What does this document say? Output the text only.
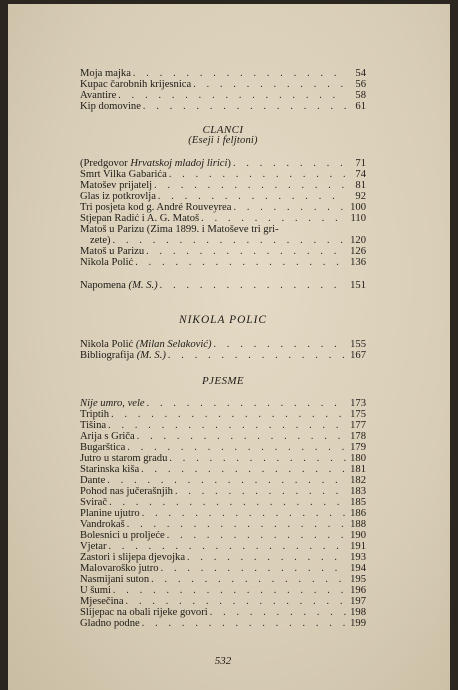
Moja majka . . .	54
Kupac čarobnih krijesnica . . .	56
Avantire . . .	58
Kip domovine . . .	61
CLANCI
(Eseji i feljtoni)
(Predgovor Hrvatskoj mladoj lirici) . . .	71
Smrt Vilka Gabarića . . .	74
Matošev prijatelj . . .	81
Glas iz potkrovlja . . .	92
Tri posjeta kod g. André Rouveyrea . . .	100
Stjepan Radić i A. G. Matoš . . .	110
Matoš u Parizu (Zima 1899. i Matoševe tri gri-
zete) . . .	120
Matoš u Parizu . . .	126
Nikola Polić . . .	136
Napomena (M. S.) . . .	151
NIKOLA POLIC
Nikola Polić (Milan Selaković) . . .	155
Bibliografija (M. S.) . . .	167
PJESME
Nije umro, vele . . .	173
Triptih . . .	175
Tišina . . .	177
Arija s Griča . . .	178
Bugarštica . . .	179
Jutro u starom gradu . . .	180
Starinska kiša . . .	181
Dante . . .	182
Pohod nas jučerašnjih . . .	183
Svirač . . .	185
Planine ujutro . . .	186
Vandrokaš . . .	188
Bolesnici u proljeće . . .	190
Vjetar . . .	191
Zastori i slijepa djevojka . . .	193
Malovaroško jutro . . .	194
Nasmijani suton . . .	195
U šumi . . .	196
Mjesečina . . .	197
Slijepac na obali rijeke govori . . .	198
Gladno podne . . .	199
532
